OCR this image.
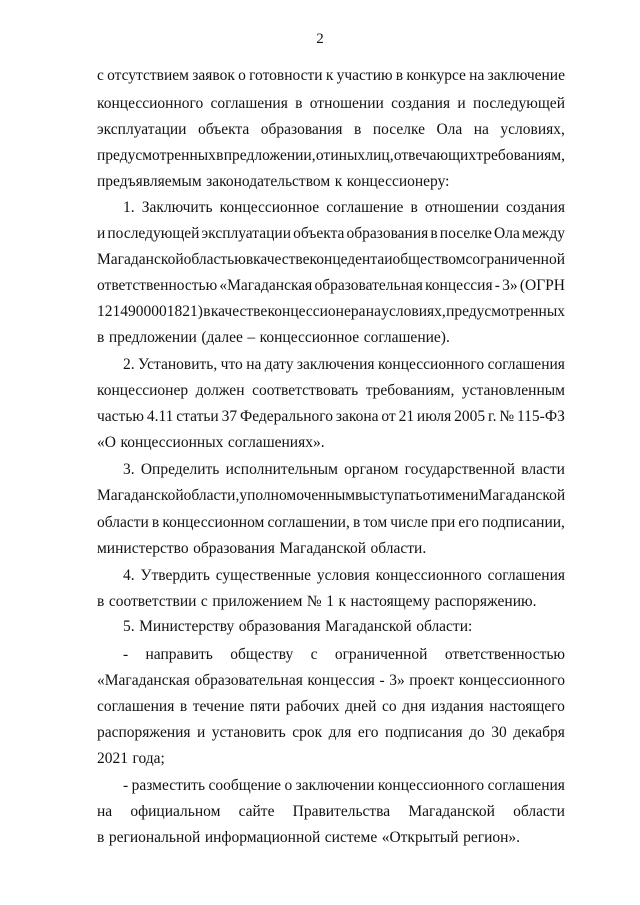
2
с отсутствием заявок о готовности к участию в конкурсе на заключение
концессионного соглашения в отношении создания и последующей
эксплуатации объекта образования в поселке Ола на условиях,
предусмотренных в предложении, от иных лиц, отвечающих требованиям,
предъявляемым законодательством к концессионеру:
1. Заключить концессионное соглашение в отношении создания
и последующей эксплуатации объекта образования в поселке Ола между
Магаданской областью в качестве концедента и обществом с ограниченной
ответственностью «Магаданская образовательная концессия - 3» (ОГРН
1214900001821) в качестве концессионера на условиях, предусмотренных
в предложении (далее – концессионное соглашение).
2. Установить, что на дату заключения концессионного соглашения
концессионер должен соответствовать требованиям, установленным
частью 4.11 статьи 37 Федерального закона от 21 июля 2005 г. № 115-ФЗ
«О концессионных соглашениях».
3. Определить исполнительным органом государственной власти
Магаданской области, уполномоченным выступать от имени Магаданской
области в концессионном соглашении, в том числе при его подписании,
министерство образования Магаданской области.
4. Утвердить существенные условия концессионного соглашения
в соответствии с приложением № 1 к настоящему распоряжению.
5. Министерству образования Магаданской области:
- направить обществу с ограниченной ответственностью
«Магаданская образовательная концессия - 3» проект концессионного
соглашения в течение пяти рабочих дней со дня издания настоящего
распоряжения и установить срок для его подписания до 30 декабря
2021 года;
- разместить сообщение о заключении концессионного соглашения
на официальном сайте Правительства Магаданской области
в региональной информационной системе «Открытый регион».
